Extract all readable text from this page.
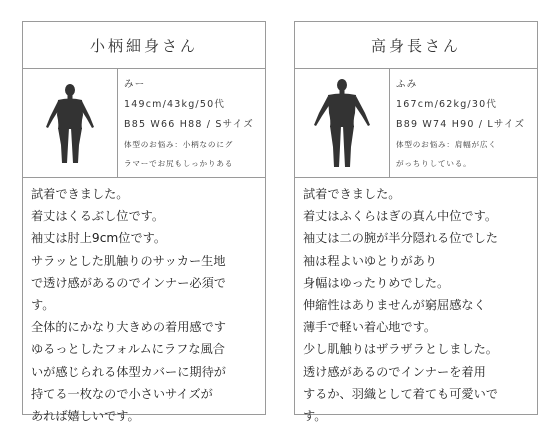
小柄細身さん
みー
149cm/43kg/50代
B85 W66 H88 / Sサイズ
体型のお悩み：小柄なのにグ
ラマーでお尻もしっかりある
試着できました。
着丈はくるぶし位です。
袖丈は肘上9cm位です。
サラッとした肌触りのサッカー生地
で透け感があるのでインナー必須で
す。
全体的にかなり大きめの着用感です
ゆるっとしたフォルムにラフな風合
いが感じられる体型カバーに期待が
持てる一枚なので小さいサイズが
あれば嬉しいです。
高身長さん
ふみ
167cm/62kg/30代
B89 W74 H90 / Lサイズ
体型のお悩み：肩幅が広く
がっちりしている。
試着できました。
着丈はふくらはぎの真ん中位です。
袖丈は二の腕が半分隠れる位でした
袖は程よいゆとりがあり
身幅はゆったりめでした。
伸縮性はありませんが窮屈感なく
薄手で軽い着心地です。
少し肌触りはザラザラとしました。
透け感があるのでインナーを着用
するか、羽織として着ても可愛いで
す。
